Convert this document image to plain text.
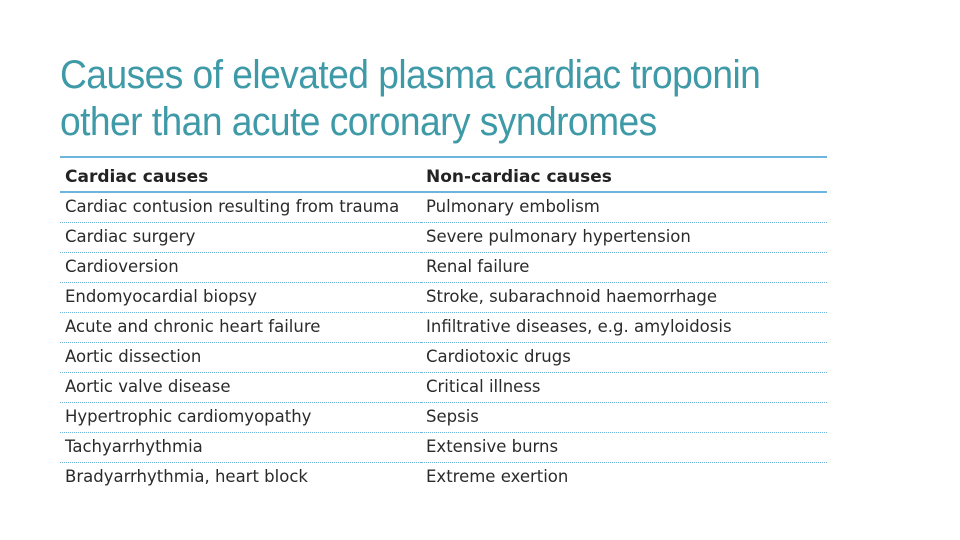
Causes of elevated plasma cardiac troponin
other than acute coronary syndromes
Cardiac causes	Non-cardiac causes
Cardiac contusion resulting from trauma	Pulmonary embolism
Cardiac surgery	Severe pulmonary hypertension
Cardioversion	Renal failure
Endomyocardial biopsy	Stroke, subarachnoid haemorrhage
Acute and chronic heart failure	Infiltrative diseases, e.g. amyloidosis
Aortic dissection	Cardiotoxic drugs
Aortic valve disease	Critical illness
Hypertrophic cardiomyopathy	Sepsis
Tachyarrhythmia	Extensive burns
Bradyarrhythmia, heart block	Extreme exertion
